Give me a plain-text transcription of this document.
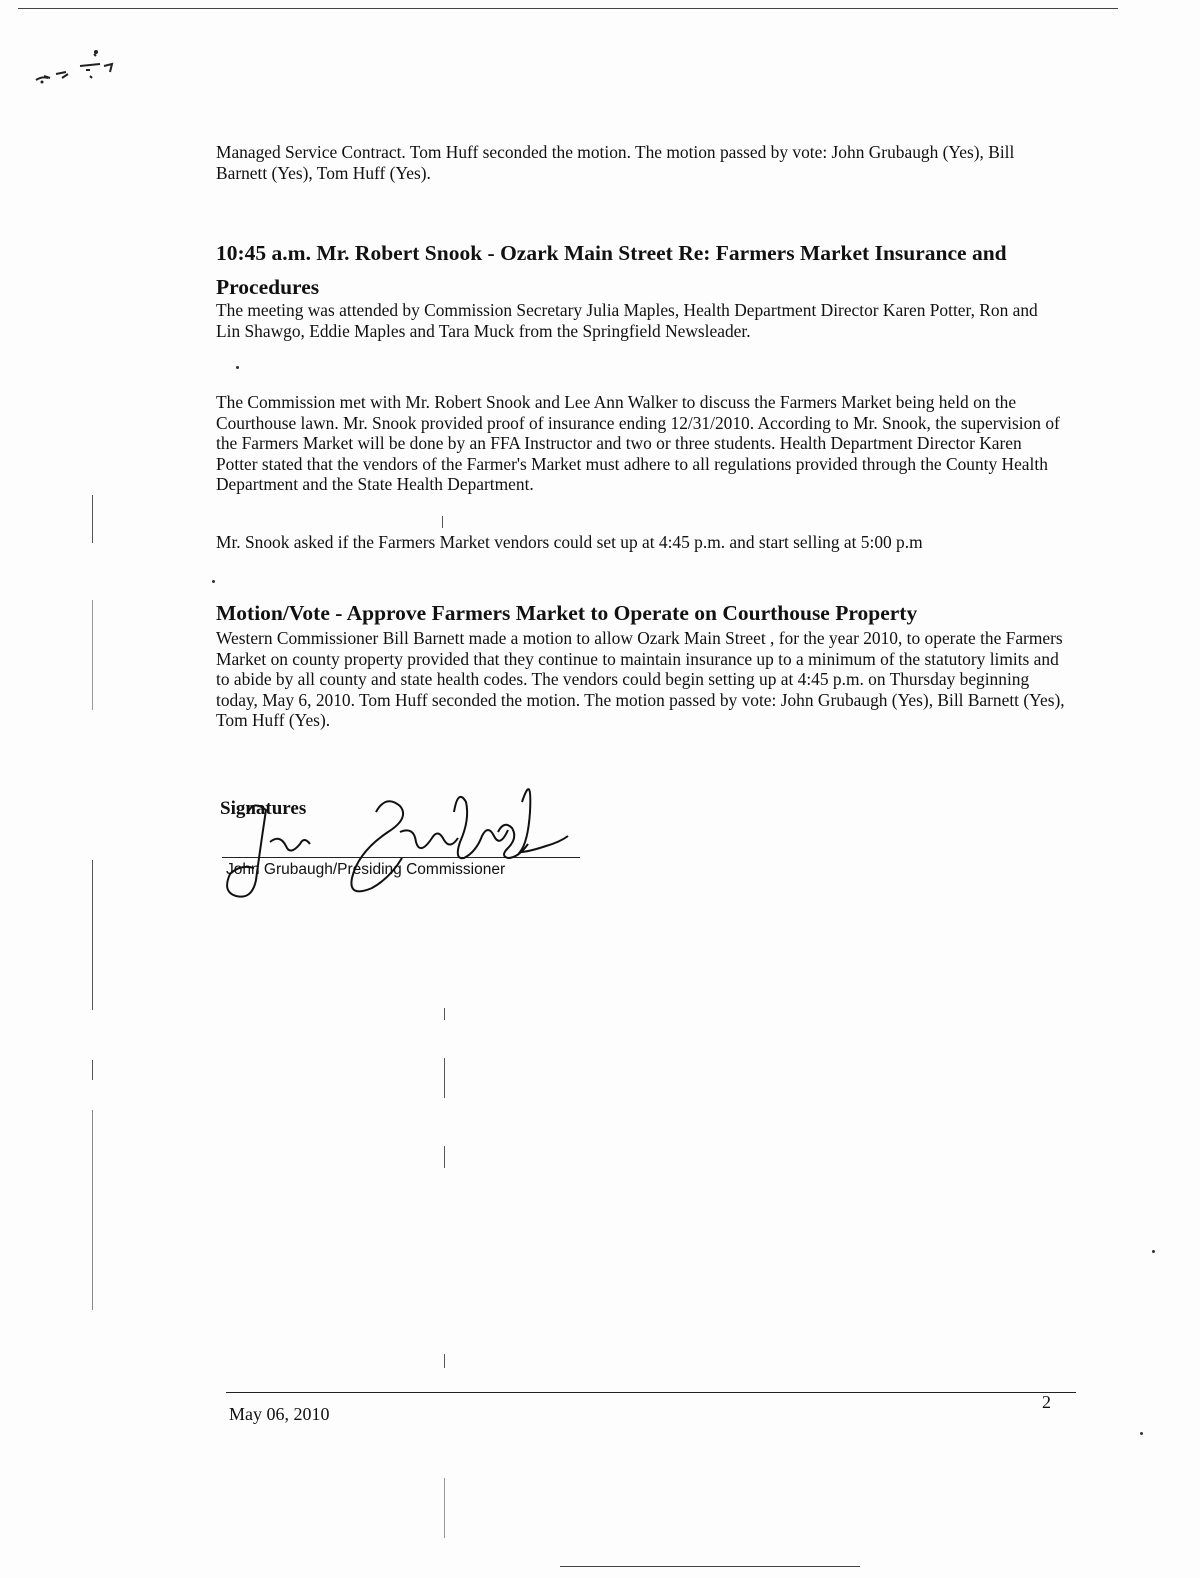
Managed Service Contract. Tom Huff seconded the motion. The motion passed by vote: John Grubaugh (Yes), Bill Barnett (Yes), Tom Huff (Yes).

10:45 a.m. Mr. Robert Snook - Ozark Main Street Re: Farmers Market Insurance and Procedures

The meeting was attended by Commission Secretary Julia Maples, Health Department Director Karen Potter, Ron and Lin Shawgo, Eddie Maples and Tara Muck from the Springfield Newsleader.

The Commission met with Mr. Robert Snook and Lee Ann Walker to discuss the Farmers Market being held on the Courthouse lawn. Mr. Snook provided proof of insurance ending 12/31/2010. According to Mr. Snook, the supervision of the Farmers Market will be done by an FFA Instructor and two or three students. Health Department Director Karen Potter stated that the vendors of the Farmer's Market must adhere to all regulations provided through the County Health Department and the State Health Department.

Mr. Snook asked if the Farmers Market vendors could set up at 4:45 p.m. and start selling at 5:00 p.m

Motion/Vote - Approve Farmers Market to Operate on Courthouse Property

Western Commissioner Bill Barnett made a motion to allow Ozark Main Street , for the year 2010, to operate the Farmers Market on county property provided that they continue to maintain insurance up to a minimum of the statutory limits and to abide by all county and state health codes. The vendors could begin setting up at 4:45 p.m. on Thursday beginning today, May 6, 2010. Tom Huff seconded the motion. The motion passed by vote: John Grubaugh (Yes), Bill Barnett (Yes), Tom Huff (Yes).

Signatures

John Grubaugh/Presiding Commissioner

May 06, 2010

2
